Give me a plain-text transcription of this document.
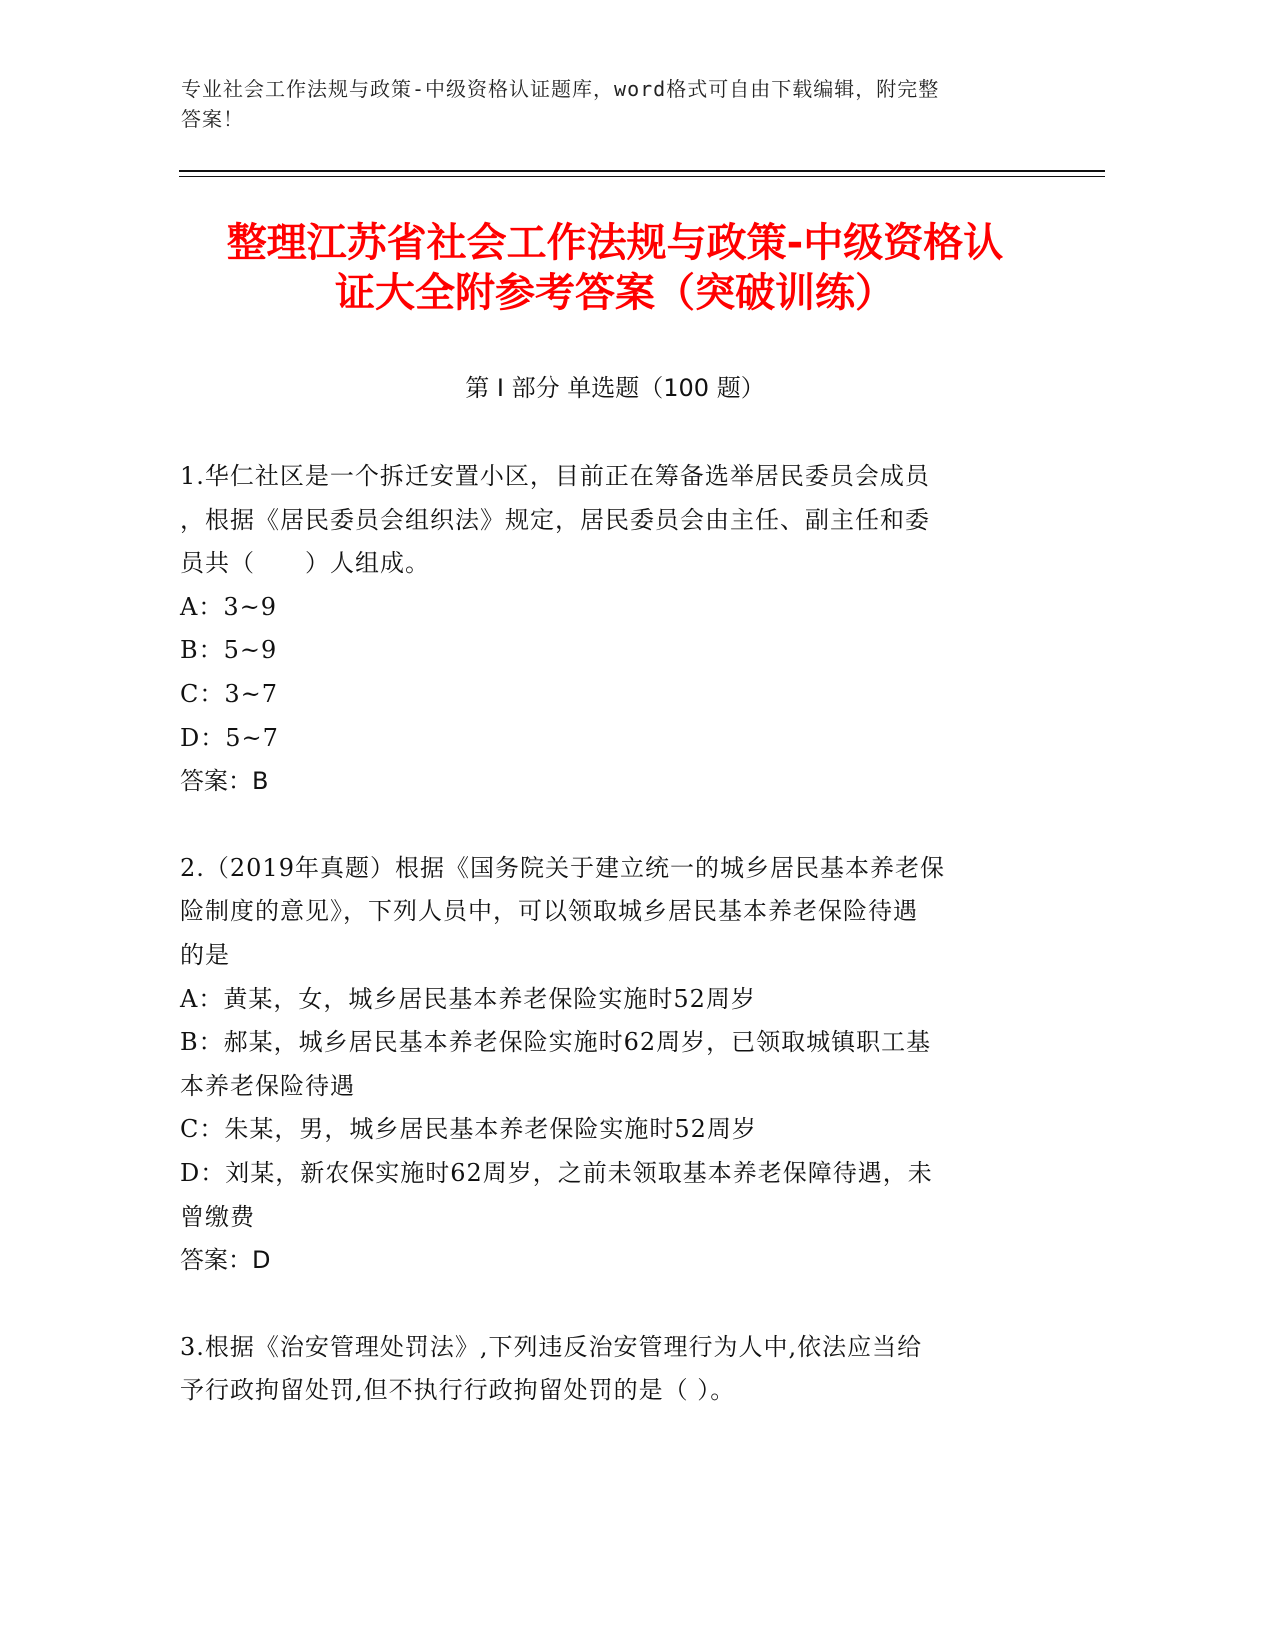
专业社会工作法规与政策-中级资格认证题库，word格式可自由下载编辑，附完整
答案！
整理江苏省社会工作法规与政策-中级资格认
证大全附参考答案（突破训练）
第 I 部分 单选题（100 题）
1.华仁社区是一个拆迁安置小区，目前正在筹备选举居民委员会成员
，根据《居民委员会组织法》规定，居民委员会由主任、副主任和委
员共（　　）人组成。
A：3~9
B：5~9
C：3~7
D：5~7
答案：B
2.（2019年真题）根据《国务院关于建立统一的城乡居民基本养老保
险制度的意见》，下列人员中，可以领取城乡居民基本养老保险待遇
的是
A：黄某，女，城乡居民基本养老保险实施时52周岁
B：郝某，城乡居民基本养老保险实施时62周岁，已领取城镇职工基
本养老保险待遇
C：朱某，男，城乡居民基本养老保险实施时52周岁
D：刘某，新农保实施时62周岁，之前未领取基本养老保障待遇，未
曾缴费
答案：D
3.根据《治安管理处罚法》,下列违反治安管理行为人中,依法应当给
予行政拘留处罚,但不执行行政拘留处罚的是（ ）。
